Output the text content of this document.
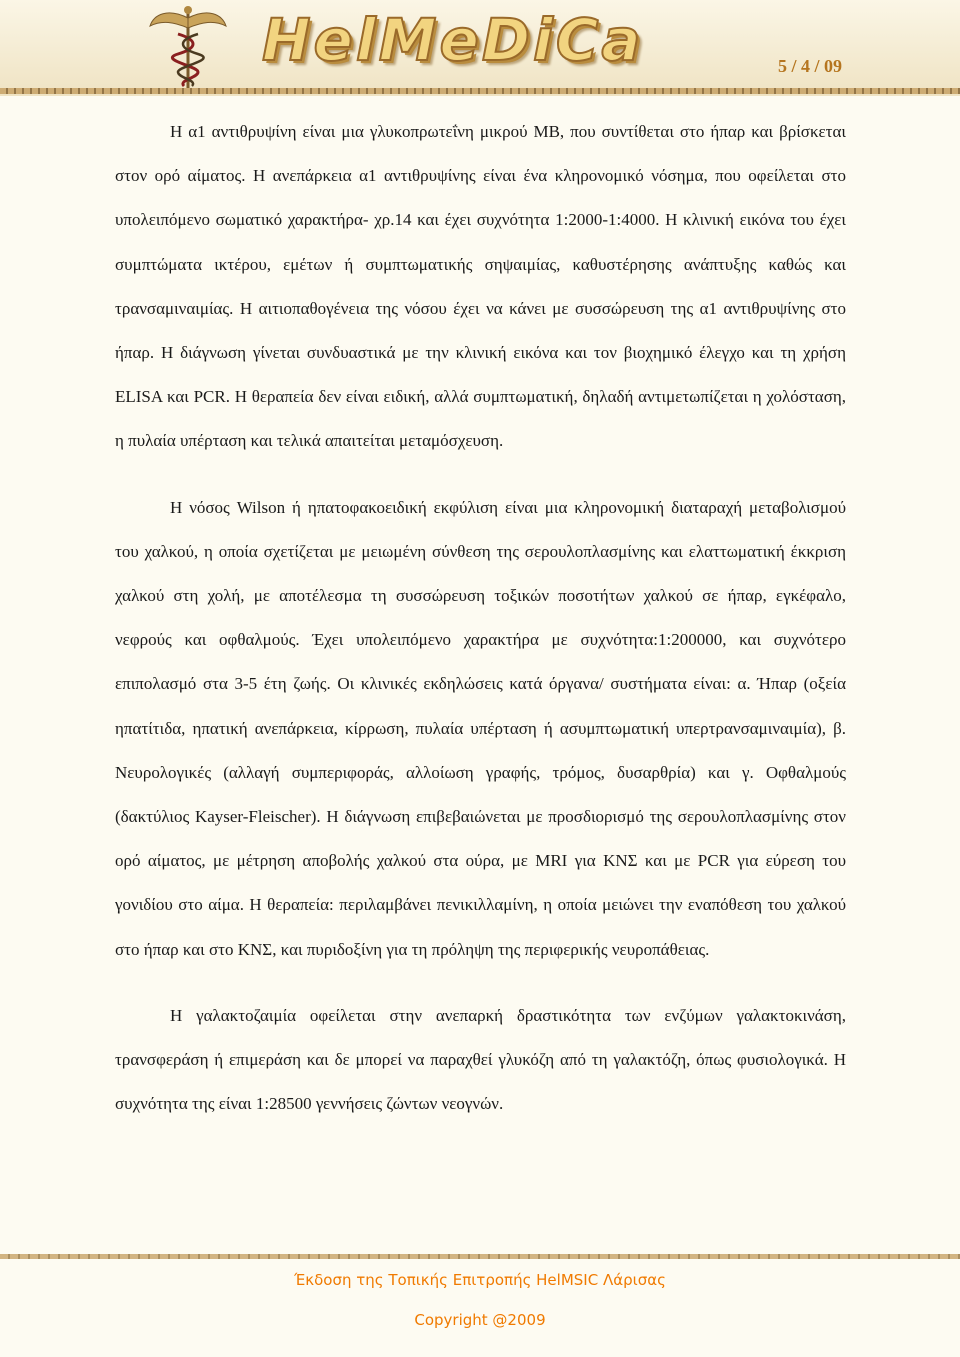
HelMeDiCa	5 / 4 / 09

Η α1 αντιθρυψίνη είναι μια γλυκοπρωτεΐνη μικρού ΜΒ, που συντίθεται στο ήπαρ και βρίσκεται στον ορό αίματος. Η ανεπάρκεια α1 αντιθρυψίνης είναι ένα κληρονομικό νόσημα, που οφείλεται στο υπολειπόμενο σωματικό χαρακτήρα- χρ.14 και έχει συχνότητα 1:2000-1:4000. Η κλινική εικόνα του έχει συμπτώματα ικτέρου, εμέτων ή συμπτωματικής σηψαιμίας, καθυστέρησης ανάπτυξης καθώς και τρανσαμιναιμίας. Η αιτιοπαθογένεια της νόσου έχει να κάνει με συσσώρευση της α1 αντιθρυψίνης στο ήπαρ. Η διάγνωση γίνεται συνδυαστικά με την κλινική εικόνα και τον βιοχημικό έλεγχο και τη χρήση ELISA και PCR. Η θεραπεία δεν είναι ειδική, αλλά συμπτωματική, δηλαδή αντιμετωπίζεται η χολόσταση, η πυλαία υπέρταση και τελικά απαιτείται μεταμόσχευση.

Η νόσος Wilson ή ηπατοφακοειδική εκφύλιση είναι μια κληρονομική διαταραχή μεταβολισμού του χαλκού, η οποία σχετίζεται με μειωμένη σύνθεση της σερουλοπλασμίνης και ελαττωματική έκκριση χαλκού στη χολή, με αποτέλεσμα τη συσσώρευση τοξικών ποσοτήτων χαλκού σε ήπαρ, εγκέφαλο, νεφρούς και οφθαλμούς. Έχει υπολειπόμενο χαρακτήρα με συχνότητα:1:200000, και συχνότερο επιπολασμό στα 3-5 έτη ζωής. Οι κλινικές εκδηλώσεις κατά όργανα/ συστήματα είναι: α. Ήπαρ (οξεία ηπατίτιδα, ηπατική ανεπάρκεια, κίρρωση, πυλαία υπέρταση ή ασυμπτωματική υπερτρανσαμιναιμία), β. Νευρολογικές (αλλαγή συμπεριφοράς, αλλοίωση γραφής, τρόμος, δυσαρθρία) και γ. Οφθαλμούς (δακτύλιος Kayser-Fleischer). Η διάγνωση επιβεβαιώνεται με προσδιορισμό της σερουλοπλασμίνης στον ορό αίματος, με μέτρηση αποβολής χαλκού στα ούρα, με MRI για ΚΝΣ και με PCR για εύρεση του γονιδίου στο αίμα. Η θεραπεία: περιλαμβάνει πενικιλλαμίνη, η οποία μειώνει την εναπόθεση του χαλκού στο ήπαρ και στο ΚΝΣ, και πυριδοξίνη για τη πρόληψη της περιφερικής νευροπάθειας.

Η γαλακτοζαιμία οφείλεται στην ανεπαρκή δραστικότητα των ενζύμων γαλακτοκινάση, τρανσφεράση ή επιμεράση και δε μπορεί να παραχθεί γλυκόζη από τη γαλακτόζη, όπως φυσιολογικά. Η συχνότητα της είναι 1:28500 γεννήσεις ζώντων νεογνών.

Έκδοση της Τοπικής Επιτροπής HelMSIC Λάρισας
Copyright @2009
